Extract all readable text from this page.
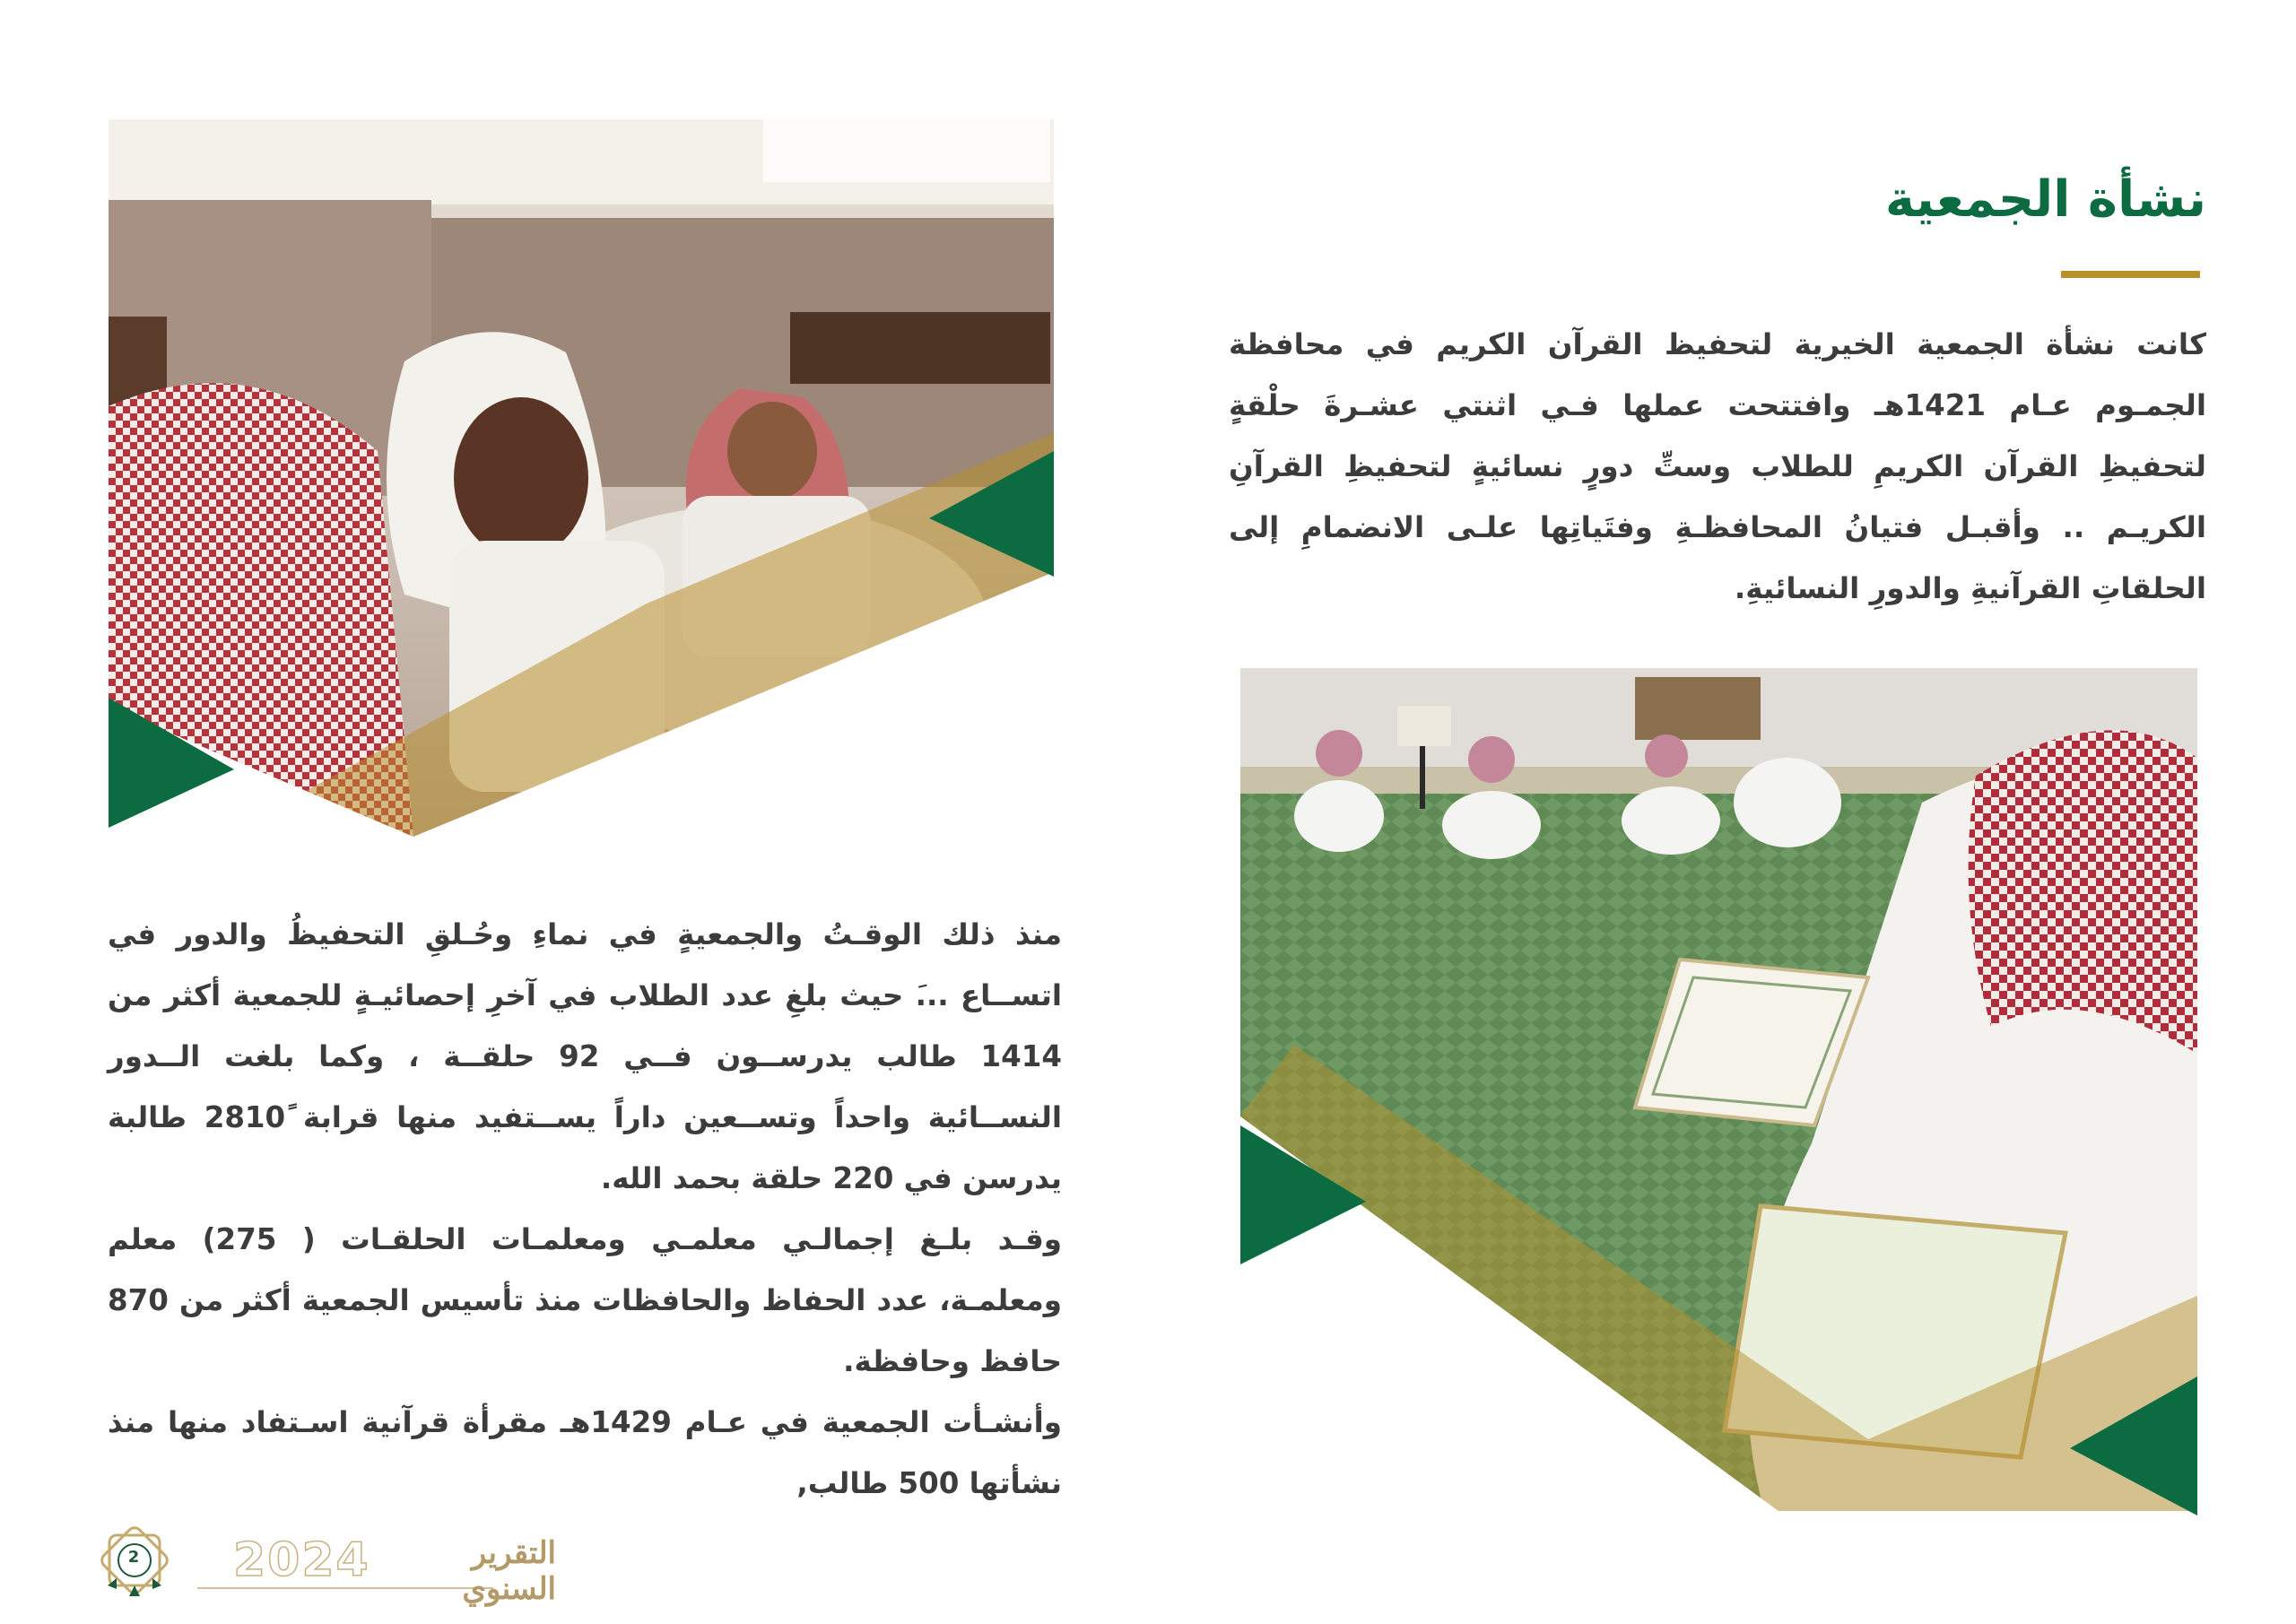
نشأة الجمعية

كانت نشأة الجمعية الخيرية لتحفيظ القرآن الكريم في محافظة الجمـوم عـام 1421هـ وافتتحت عملها فـي اثنتي عشـرةَ حلْقةٍ لتحفيظِ القرآن الكريمِ للطلاب وستِّ دورٍ نسائيةٍ لتحفيظِ القرآنِ الكريـم .. وأقبـل فتيانُ المحافظـةِ وفتَياتِها علـى الانضمامِ إلى الحلقاتِ القرآنيةِ والدورِ النسائيةِ.

منذ ذلك الوقـتُ والجمعيةٍ في نماءِ وحُـلقِ التحفيظُ والدور في اتســاع ...َ حيث بلغِ عدد الطلاب في آخرِ إحصائيـةٍ للجمعية أكثر من 1414 طالب يدرســون فــي 92 حلقــة ، وكما بلغت الــدور النســائية واحداً وتســعين داراً يســتفيد منها قرابة 2810ً طالبة يدرسن في 220 حلقة بحمد الله.

وقـد بلـغ إجمالـي معلمـي ومعلمـات الحلقـات ( 275) معلم ومعلمـة، عدد الحفاظ والحافظات منذ تأسيس الجمعية أكثر من 870 حافظ وحافظة.

وأنشـأت الجمعية في عـام 1429هـ مقرأة قرآنية اسـتفاد منها منذ نشأتها 500 طالب,

2 2024	التقرير السنوي
